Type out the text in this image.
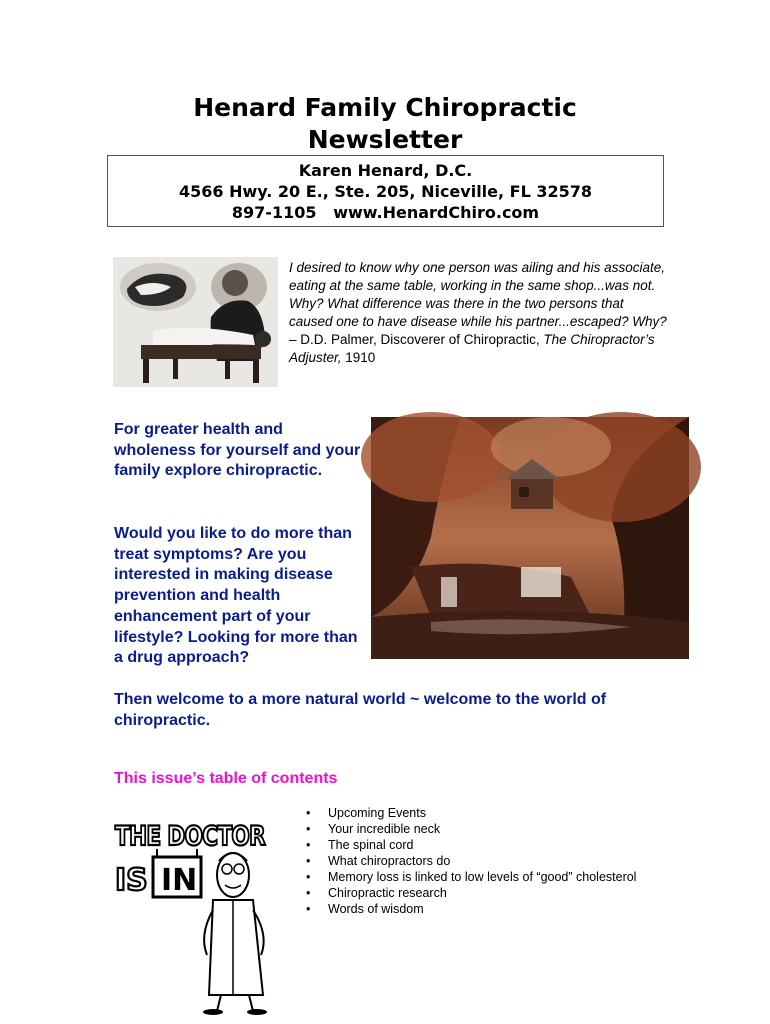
Henard Family Chiropractic
Newsletter
Karen Henard, D.C.
4566 Hwy. 20 E., Ste. 205, Niceville, FL 32578
897-1105   www.HenardChiro.com
I desired to know why one person was ailing and his associate, eating at the same table, working in the same shop...was not. Why? What difference was there in the two persons that caused one to have disease while his partner...escaped? Why?
– D.D. Palmer, Discoverer of Chiropractic, The Chiropractor’s Adjuster, 1910
For greater health and wholeness for yourself and your family explore chiropractic.
Would you like to do more than treat symptoms? Are you interested in making disease prevention and health enhancement part of your lifestyle? Looking for more than a drug approach?
Then welcome to a more natural world ~ welcome to the world of chiropractic.
This issue’s table of contents
THE DOCTOR
IS IN
• Upcoming Events
• Your incredible neck
• The spinal cord
• What chiropractors do
• Memory loss is linked to low levels of “good” cholesterol
• Chiropractic research
• Words of wisdom
